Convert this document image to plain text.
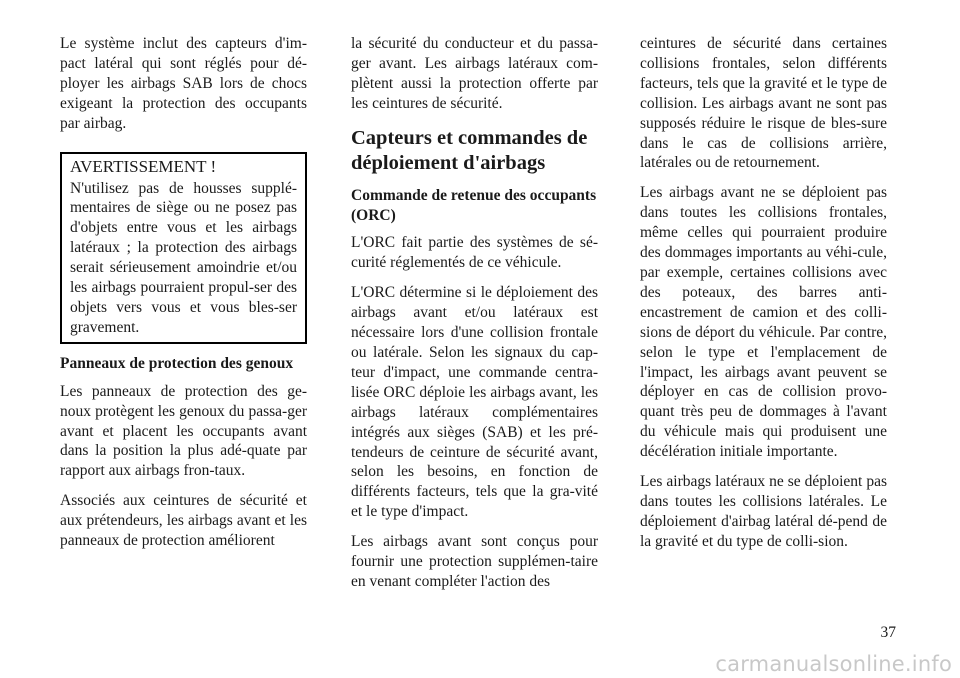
Le système inclut des capteurs d'im-pact latéral qui sont réglés pour dé-ployer les airbags SAB lors de chocs exigeant la protection des occupants par airbag.

AVERTISSEMENT !

N'utilisez pas de housses supplé-mentaires de siège ou ne posez pas d'objets entre vous et les airbags latéraux ; la protection des airbags serait sérieusement amoindrie et/ou les airbags pourraient propul-ser des objets vers vous et vous bles-ser gravement.

Panneaux de protection des genoux

Les panneaux de protection des ge-noux protègent les genoux du passa-ger avant et placent les occupants avant dans la position la plus adé-quate par rapport aux airbags fron-taux.

Associés aux ceintures de sécurité et aux prétendeurs, les airbags avant et les panneaux de protection améliorent

la sécurité du conducteur et du passa-ger avant. Les airbags latéraux com-plètent aussi la protection offerte par les ceintures de sécurité.

Capteurs et commandes de déploiement d'airbags
Commande de retenue des occupants (ORC)

L'ORC fait partie des systèmes de sé-curité réglementés de ce véhicule.

L'ORC détermine si le déploiement des airbags avant et/ou latéraux est nécessaire lors d'une collision frontale ou latérale. Selon les signaux du cap-teur d'impact, une commande centra-lisée ORC déploie les airbags avant, les airbags latéraux complémentaires intégrés aux sièges (SAB) et les pré-tendeurs de ceinture de sécurité avant, selon les besoins, en fonction de différents facteurs, tels que la gra-vité et le type d'impact.

Les airbags avant sont conçus pour fournir une protection supplémen-taire en venant compléter l'action des

ceintures de sécurité dans certaines collisions frontales, selon différents facteurs, tels que la gravité et le type de collision. Les airbags avant ne sont pas supposés réduire le risque de bles-sure dans le cas de collisions arrière, latérales ou de retournement.

Les airbags avant ne se déploient pas dans toutes les collisions frontales, même celles qui pourraient produire des dommages importants au véhi-cule, par exemple, certaines collisions avec des poteaux, des barres anti-encastrement de camion et des colli-sions de déport du véhicule. Par contre, selon le type et l'emplacement de l'impact, les airbags avant peuvent se déployer en cas de collision provo-quant très peu de dommages à l'avant du véhicule mais qui produisent une décélération initiale importante.

Les airbags latéraux ne se déploient pas dans toutes les collisions latérales. Le déploiement d'airbag latéral dé-pend de la gravité et du type de colli-sion.

37
carmanualsonline.info
